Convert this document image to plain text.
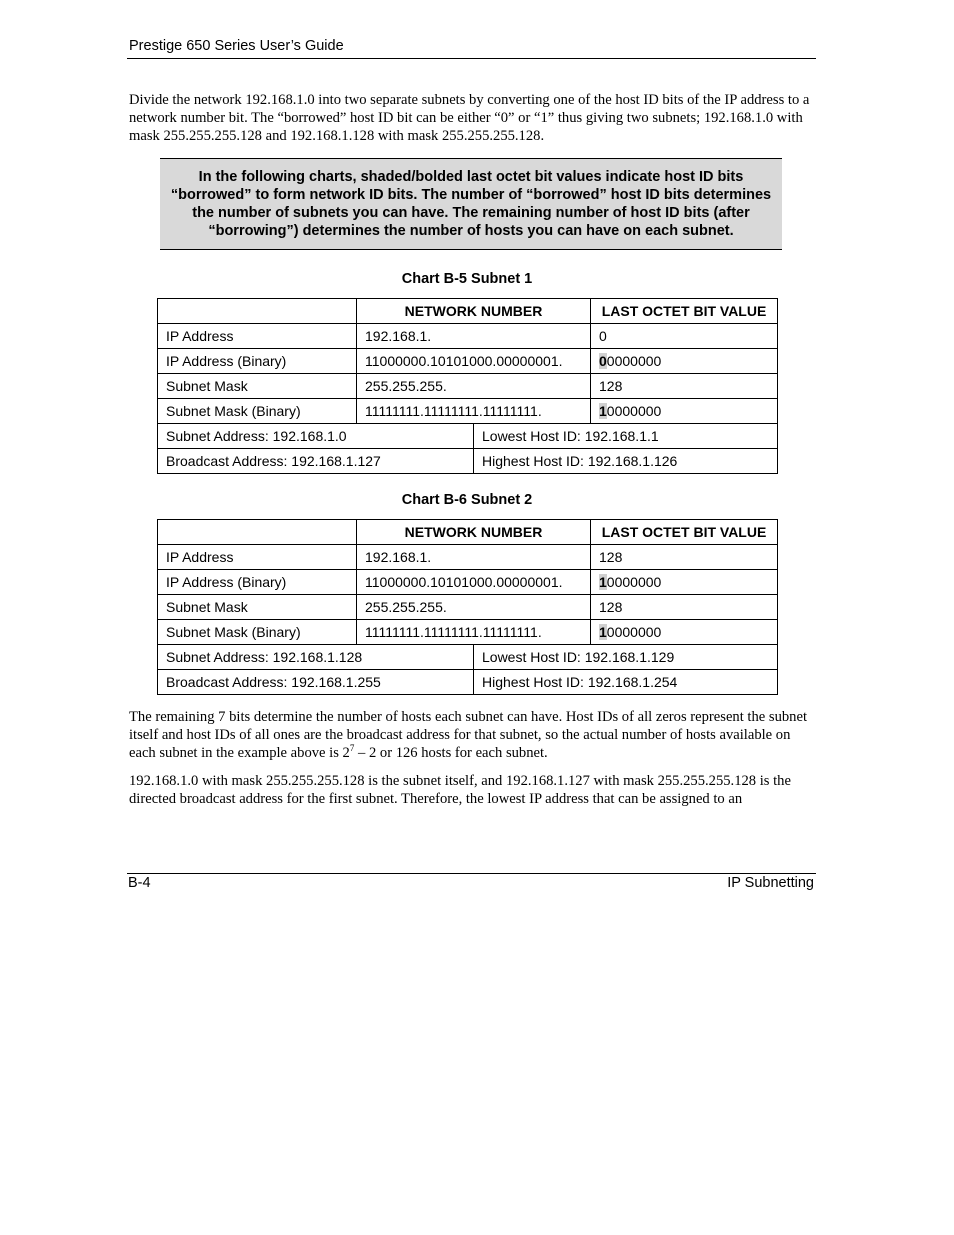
Prestige 650 Series User’s Guide
Divide the network 192.168.1.0 into two separate subnets by converting one of the host ID bits of the IP address to a network number bit. The “borrowed” host ID bit can be either “0” or “1” thus giving two subnets; 192.168.1.0 with mask 255.255.255.128 and 192.168.1.128 with mask 255.255.255.128.
In the following charts, shaded/bolded last octet bit values indicate host ID bits “borrowed” to form network ID bits. The number of “borrowed” host ID bits determines the number of subnets you can have. The remaining number of host ID bits (after “borrowing”) determines the number of hosts you can have on each subnet.
Chart B-5 Subnet 1
	NETWORK NUMBER		LAST OCTET BIT VALUE
IP Address	192.168.1.		0
IP Address (Binary)	11000000.10101000.00000001.		00000000
Subnet Mask	255.255.255.		128
Subnet Mask (Binary)	11111111.11111111.11111111.		10000000
Subnet Address: 192.168.1.0		Lowest Host ID: 192.168.1.1	
Broadcast Address: 192.168.1.127		Highest Host ID: 192.168.1.126	
Chart B-6 Subnet 2
	NETWORK NUMBER		LAST OCTET BIT VALUE
IP Address	192.168.1.		128
IP Address (Binary)	11000000.10101000.00000001.		10000000
Subnet Mask	255.255.255.		128
Subnet Mask (Binary)	11111111.11111111.11111111.		10000000
Subnet Address: 192.168.1.128		Lowest Host ID: 192.168.1.129	
Broadcast Address: 192.168.1.255		Highest Host ID: 192.168.1.254	
The remaining 7 bits determine the number of hosts each subnet can have. Host IDs of all zeros represent the subnet itself and host IDs of all ones are the broadcast address for that subnet, so the actual number of hosts available on each subnet in the example above is $2^7 - 2$ or 126 hosts for each subnet.
192.168.1.0 with mask 255.255.255.128 is the subnet itself, and 192.168.1.127 with mask 255.255.255.128 is the directed broadcast address for the first subnet. Therefore, the lowest IP address that can be assigned to an
B-4	IP Subnetting
